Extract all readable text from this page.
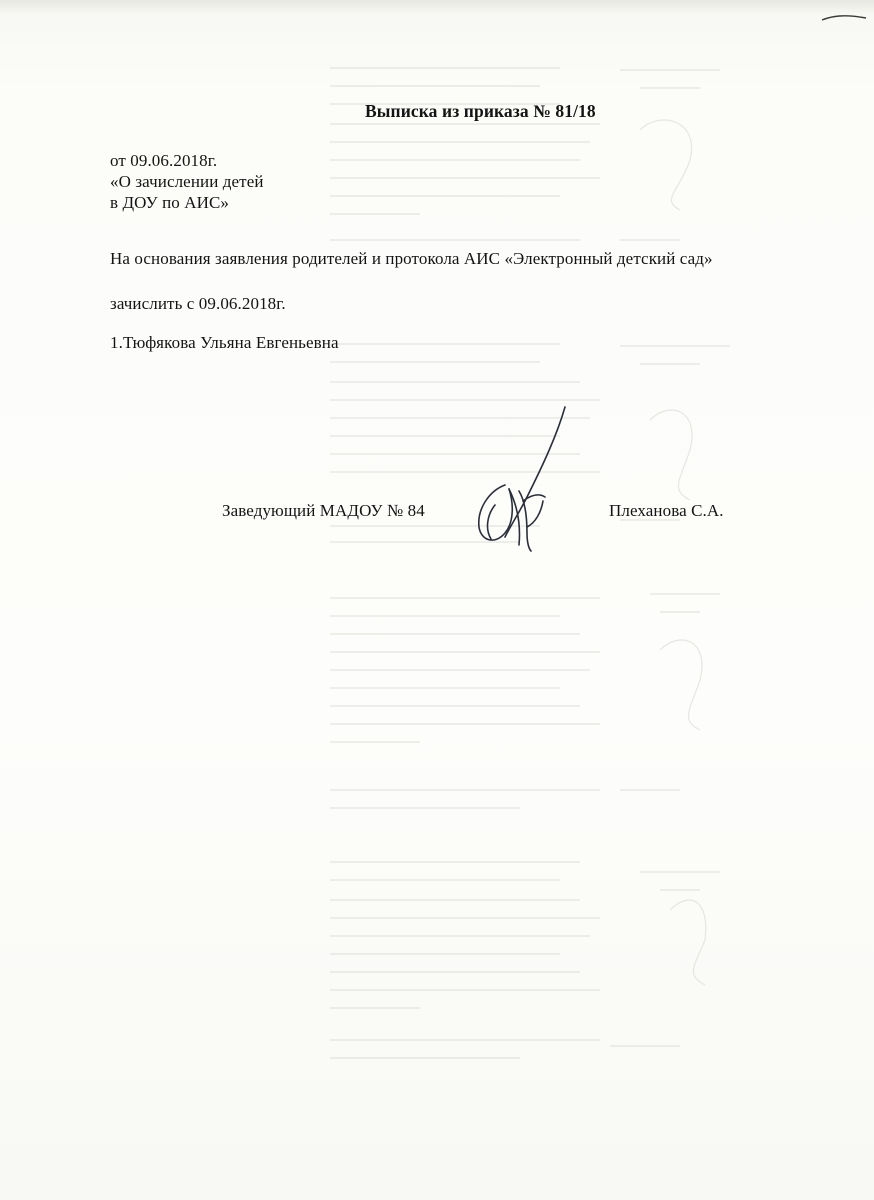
Выписка из приказа № 81/18
от 09.06.2018г.
«О зачислении детей
в ДОУ по АИС»
На основания заявления родителей и протокола АИС «Электронный детский сад»
зачислить с 09.06.2018г.
1.Тюфякова Ульяна Евгеньевна
Заведующий МАДОУ № 84	Плеханова С.А.
